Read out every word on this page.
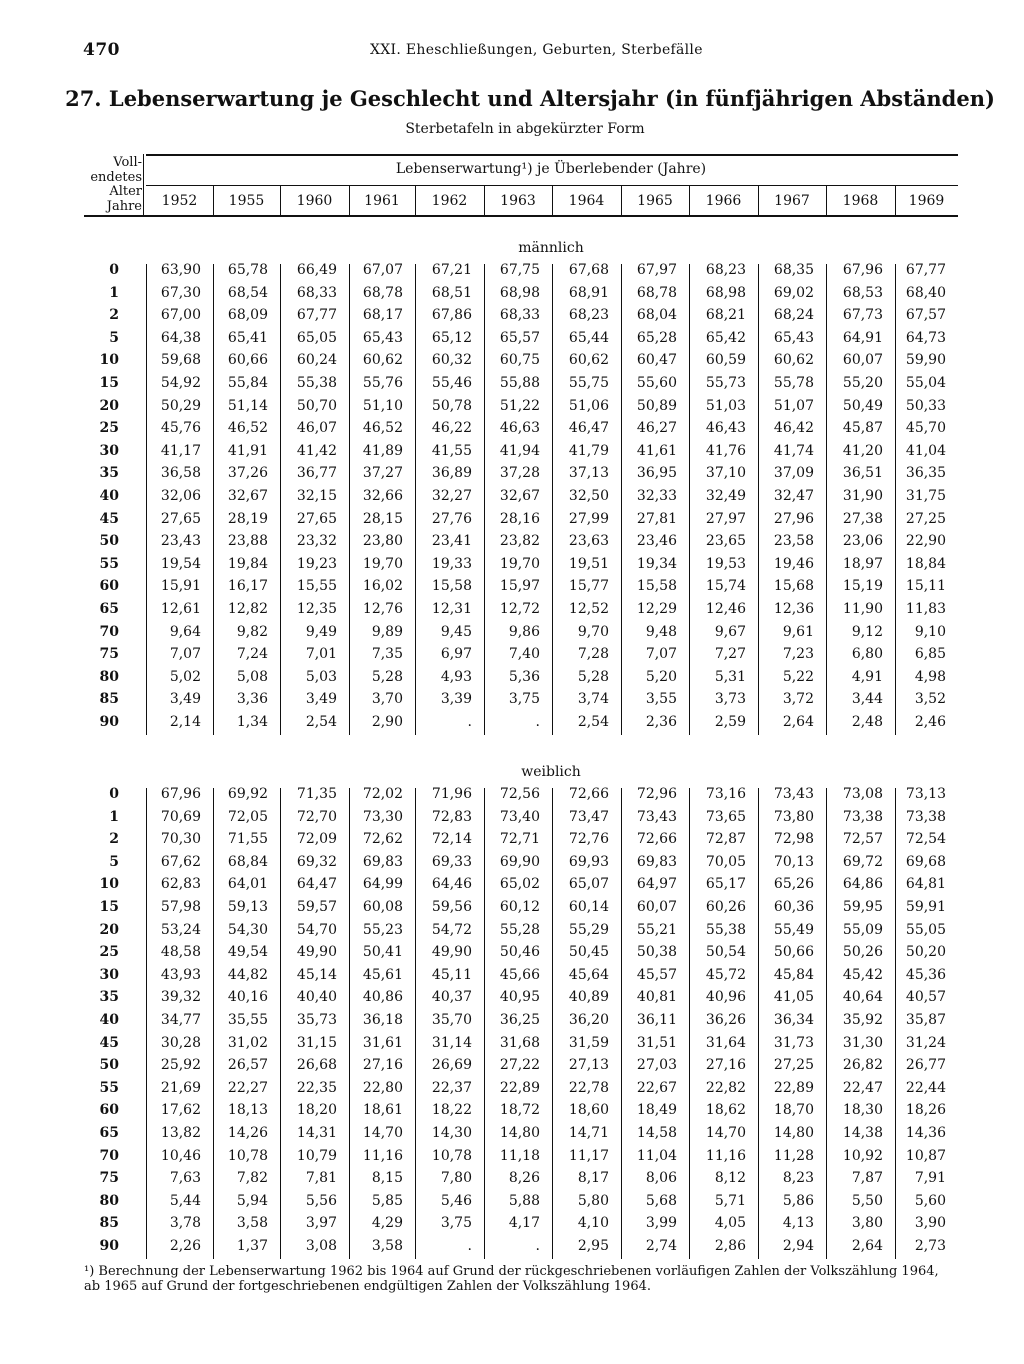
470	XXI. Eheschließungen, Geburten, Sterbefälle
27. Lebenserwartung je Geschlecht und Altersjahr (in fünfjährigen Abständen)
Sterbetafeln in abgekürzter Form
Voll-
endetes
Alter
Jahre
Lebenserwartung¹) je Überlebender (Jahre)
1952	1955	1960	1961	1962	1963	1964	1965	1966	1967	1968	1969
männlich
0	63,90	65,78	66,49	67,07	67,21	67,75	67,68	67,97	68,23	68,35	67,96	67,77
1	67,30	68,54	68,33	68,78	68,51	68,98	68,91	68,78	68,98	69,02	68,53	68,40
2	67,00	68,09	67,77	68,17	67,86	68,33	68,23	68,04	68,21	68,24	67,73	67,57
5	64,38	65,41	65,05	65,43	65,12	65,57	65,44	65,28	65,42	65,43	64,91	64,73
10	59,68	60,66	60,24	60,62	60,32	60,75	60,62	60,47	60,59	60,62	60,07	59,90
15	54,92	55,84	55,38	55,76	55,46	55,88	55,75	55,60	55,73	55,78	55,20	55,04
20	50,29	51,14	50,70	51,10	50,78	51,22	51,06	50,89	51,03	51,07	50,49	50,33
25	45,76	46,52	46,07	46,52	46,22	46,63	46,47	46,27	46,43	46,42	45,87	45,70
30	41,17	41,91	41,42	41,89	41,55	41,94	41,79	41,61	41,76	41,74	41,20	41,04
35	36,58	37,26	36,77	37,27	36,89	37,28	37,13	36,95	37,10	37,09	36,51	36,35
40	32,06	32,67	32,15	32,66	32,27	32,67	32,50	32,33	32,49	32,47	31,90	31,75
45	27,65	28,19	27,65	28,15	27,76	28,16	27,99	27,81	27,97	27,96	27,38	27,25
50	23,43	23,88	23,32	23,80	23,41	23,82	23,63	23,46	23,65	23,58	23,06	22,90
55	19,54	19,84	19,23	19,70	19,33	19,70	19,51	19,34	19,53	19,46	18,97	18,84
60	15,91	16,17	15,55	16,02	15,58	15,97	15,77	15,58	15,74	15,68	15,19	15,11
65	12,61	12,82	12,35	12,76	12,31	12,72	12,52	12,29	12,46	12,36	11,90	11,83
70	9,64	9,82	9,49	9,89	9,45	9,86	9,70	9,48	9,67	9,61	9,12	9,10
75	7,07	7,24	7,01	7,35	6,97	7,40	7,28	7,07	7,27	7,23	6,80	6,85
80	5,02	5,08	5,03	5,28	4,93	5,36	5,28	5,20	5,31	5,22	4,91	4,98
85	3,49	3,36	3,49	3,70	3,39	3,75	3,74	3,55	3,73	3,72	3,44	3,52
90	2,14	1,34	2,54	2,90	.	.	2,54	2,36	2,59	2,64	2,48	2,46
weiblich
0	67,96	69,92	71,35	72,02	71,96	72,56	72,66	72,96	73,16	73,43	73,08	73,13
1	70,69	72,05	72,70	73,30	72,83	73,40	73,47	73,43	73,65	73,80	73,38	73,38
2	70,30	71,55	72,09	72,62	72,14	72,71	72,76	72,66	72,87	72,98	72,57	72,54
5	67,62	68,84	69,32	69,83	69,33	69,90	69,93	69,83	70,05	70,13	69,72	69,68
10	62,83	64,01	64,47	64,99	64,46	65,02	65,07	64,97	65,17	65,26	64,86	64,81
15	57,98	59,13	59,57	60,08	59,56	60,12	60,14	60,07	60,26	60,36	59,95	59,91
20	53,24	54,30	54,70	55,23	54,72	55,28	55,29	55,21	55,38	55,49	55,09	55,05
25	48,58	49,54	49,90	50,41	49,90	50,46	50,45	50,38	50,54	50,66	50,26	50,20
30	43,93	44,82	45,14	45,61	45,11	45,66	45,64	45,57	45,72	45,84	45,42	45,36
35	39,32	40,16	40,40	40,86	40,37	40,95	40,89	40,81	40,96	41,05	40,64	40,57
40	34,77	35,55	35,73	36,18	35,70	36,25	36,20	36,11	36,26	36,34	35,92	35,87
45	30,28	31,02	31,15	31,61	31,14	31,68	31,59	31,51	31,64	31,73	31,30	31,24
50	25,92	26,57	26,68	27,16	26,69	27,22	27,13	27,03	27,16	27,25	26,82	26,77
55	21,69	22,27	22,35	22,80	22,37	22,89	22,78	22,67	22,82	22,89	22,47	22,44
60	17,62	18,13	18,20	18,61	18,22	18,72	18,60	18,49	18,62	18,70	18,30	18,26
65	13,82	14,26	14,31	14,70	14,30	14,80	14,71	14,58	14,70	14,80	14,38	14,36
70	10,46	10,78	10,79	11,16	10,78	11,18	11,17	11,04	11,16	11,28	10,92	10,87
75	7,63	7,82	7,81	8,15	7,80	8,26	8,17	8,06	8,12	8,23	7,87	7,91
80	5,44	5,94	5,56	5,85	5,46	5,88	5,80	5,68	5,71	5,86	5,50	5,60
85	3,78	3,58	3,97	4,29	3,75	4,17	4,10	3,99	4,05	4,13	3,80	3,90
90	2,26	1,37	3,08	3,58	.	.	2,95	2,74	2,86	2,94	2,64	2,73
¹) Berechnung der Lebenserwartung 1962 bis 1964 auf Grund der rückgeschriebenen vorläufigen Zahlen der Volkszählung 1964,
ab 1965 auf Grund der fortgeschriebenen endgültigen Zahlen der Volkszählung 1964.
